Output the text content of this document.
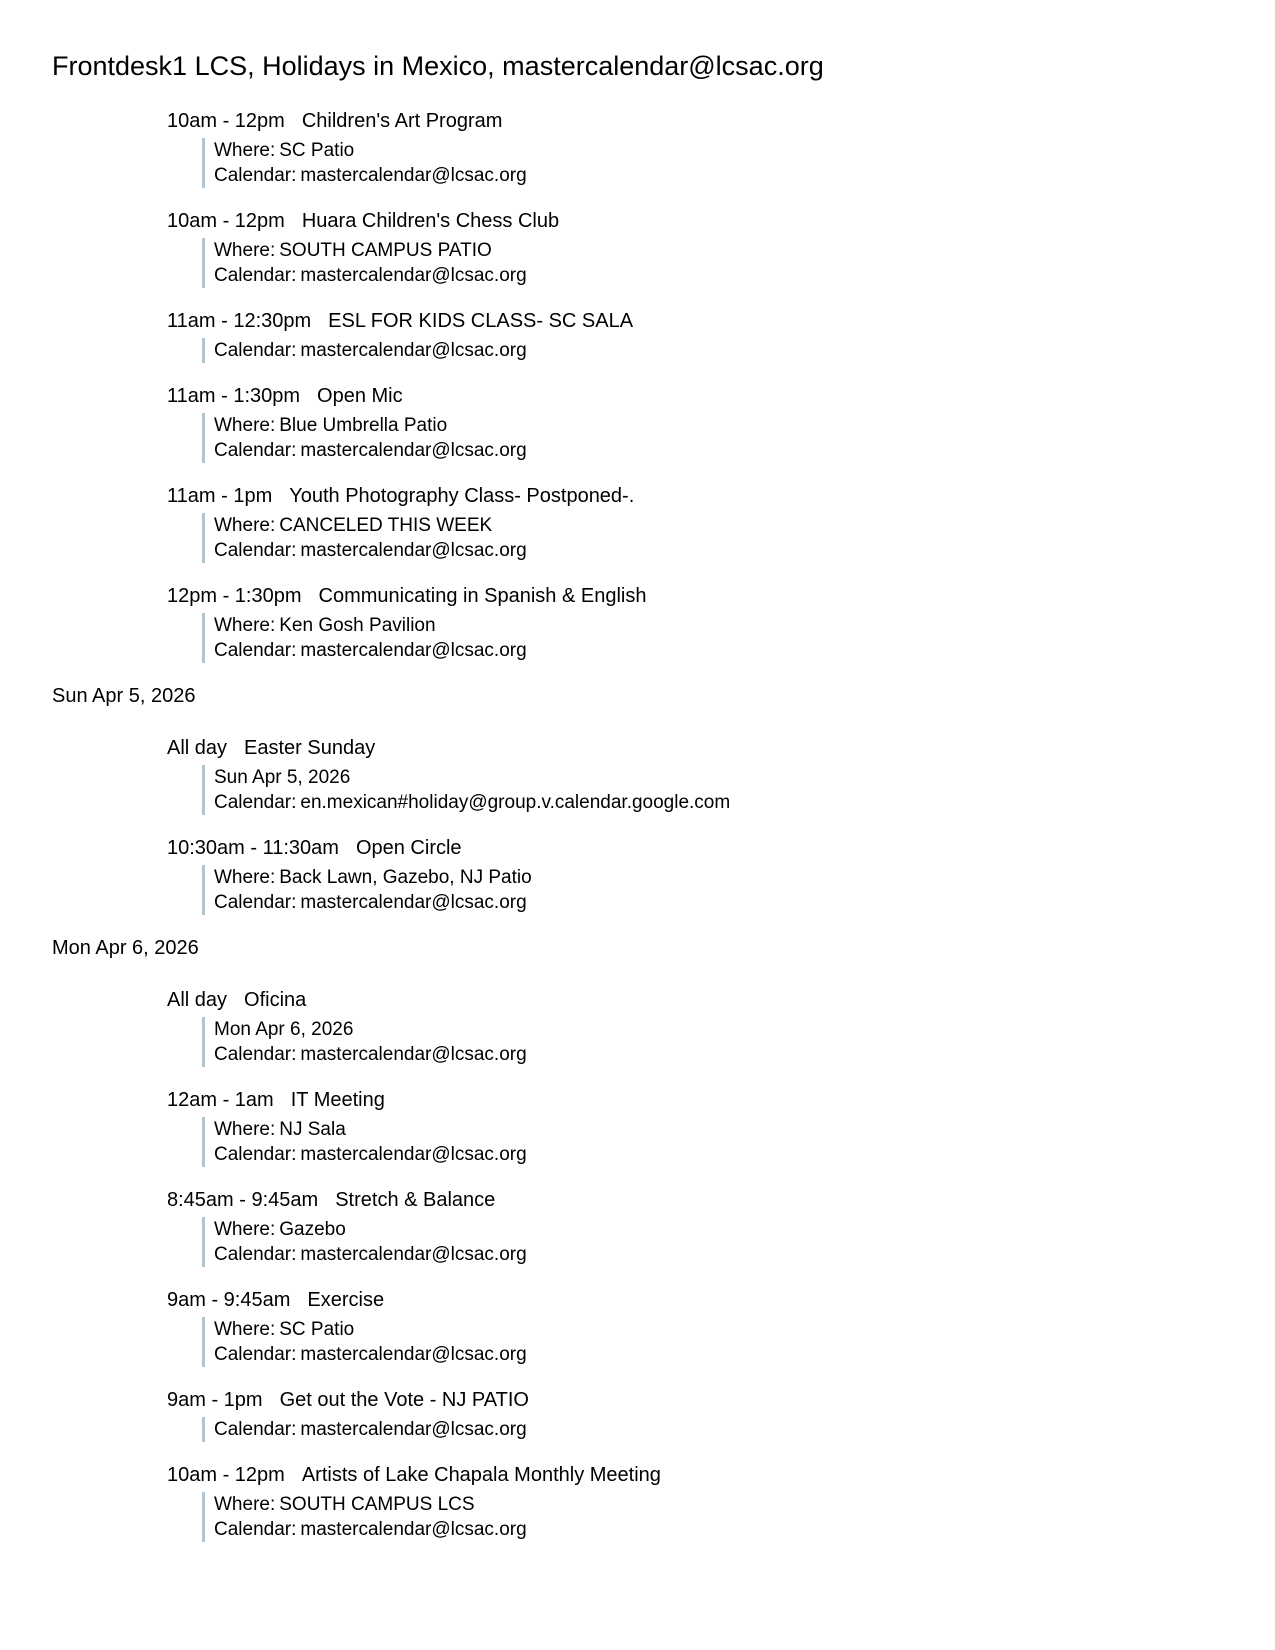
Frontdesk1 LCS, Holidays in Mexico, mastercalendar@lcsac.org
10am - 12pm Children's Art Program
Where: SC Patio
Calendar: mastercalendar@lcsac.org
10am - 12pm Huara Children's Chess Club
Where: SOUTH CAMPUS PATIO
Calendar: mastercalendar@lcsac.org
11am - 12:30pm ESL FOR KIDS CLASS- SC SALA
Calendar: mastercalendar@lcsac.org
11am - 1:30pm Open Mic
Where: Blue Umbrella Patio
Calendar: mastercalendar@lcsac.org
11am - 1pm Youth Photography Class- Postponed-.
Where: CANCELED THIS WEEK
Calendar: mastercalendar@lcsac.org
12pm - 1:30pm Communicating in Spanish & English
Where: Ken Gosh Pavilion
Calendar: mastercalendar@lcsac.org
Sun Apr 5, 2026
All day Easter Sunday
Sun Apr 5, 2026
Calendar: en.mexican#holiday@group.v.calendar.google.com
10:30am - 11:30am Open Circle
Where: Back Lawn, Gazebo, NJ Patio
Calendar: mastercalendar@lcsac.org
Mon Apr 6, 2026
All day Oficina
Mon Apr 6, 2026
Calendar: mastercalendar@lcsac.org
12am - 1am IT Meeting
Where: NJ Sala
Calendar: mastercalendar@lcsac.org
8:45am - 9:45am Stretch & Balance
Where: Gazebo
Calendar: mastercalendar@lcsac.org
9am - 9:45am Exercise
Where: SC Patio
Calendar: mastercalendar@lcsac.org
9am - 1pm Get out the Vote - NJ PATIO
Calendar: mastercalendar@lcsac.org
10am - 12pm Artists of Lake Chapala Monthly Meeting
Where: SOUTH CAMPUS LCS
Calendar: mastercalendar@lcsac.org
